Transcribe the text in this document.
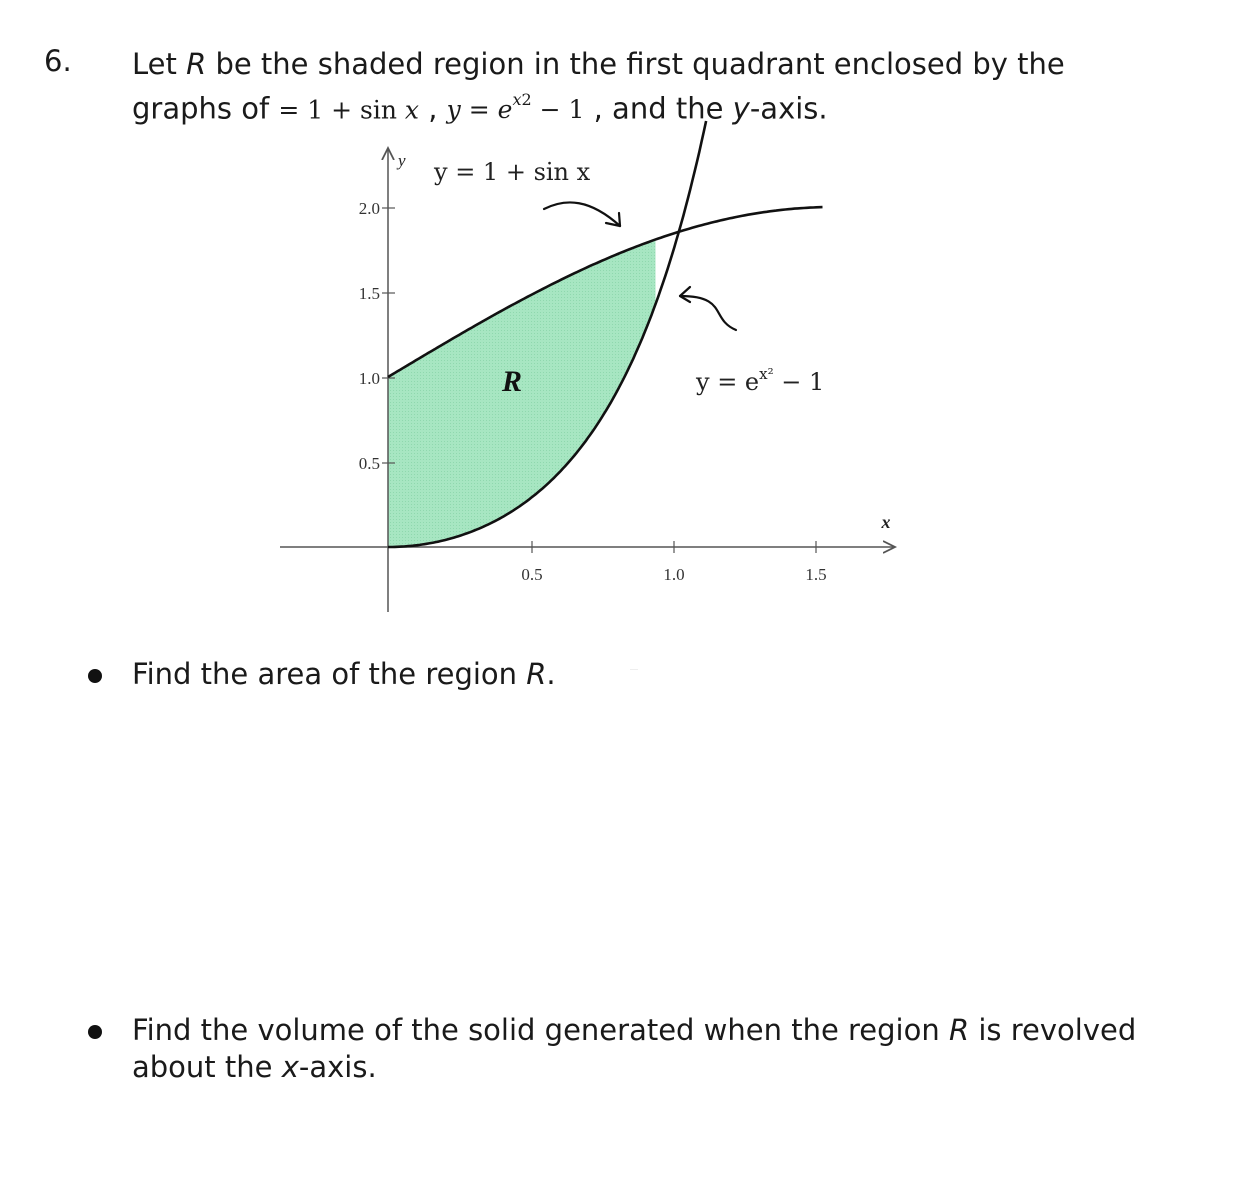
6. Let R be the shaded region in the first quadrant enclosed by the
graphs of = 1 + sin x , $y = e^{x2} - 1$ , and the y-axis.
2.0
1.5
1.0
0.5
0.5	1.0	1.5
y
x
R
y = 1 + sin x
$y = e^{x^2} - 1$
Find the area of the region R.
Find the volume of the solid generated when the region R is revolved
about the x-axis.
